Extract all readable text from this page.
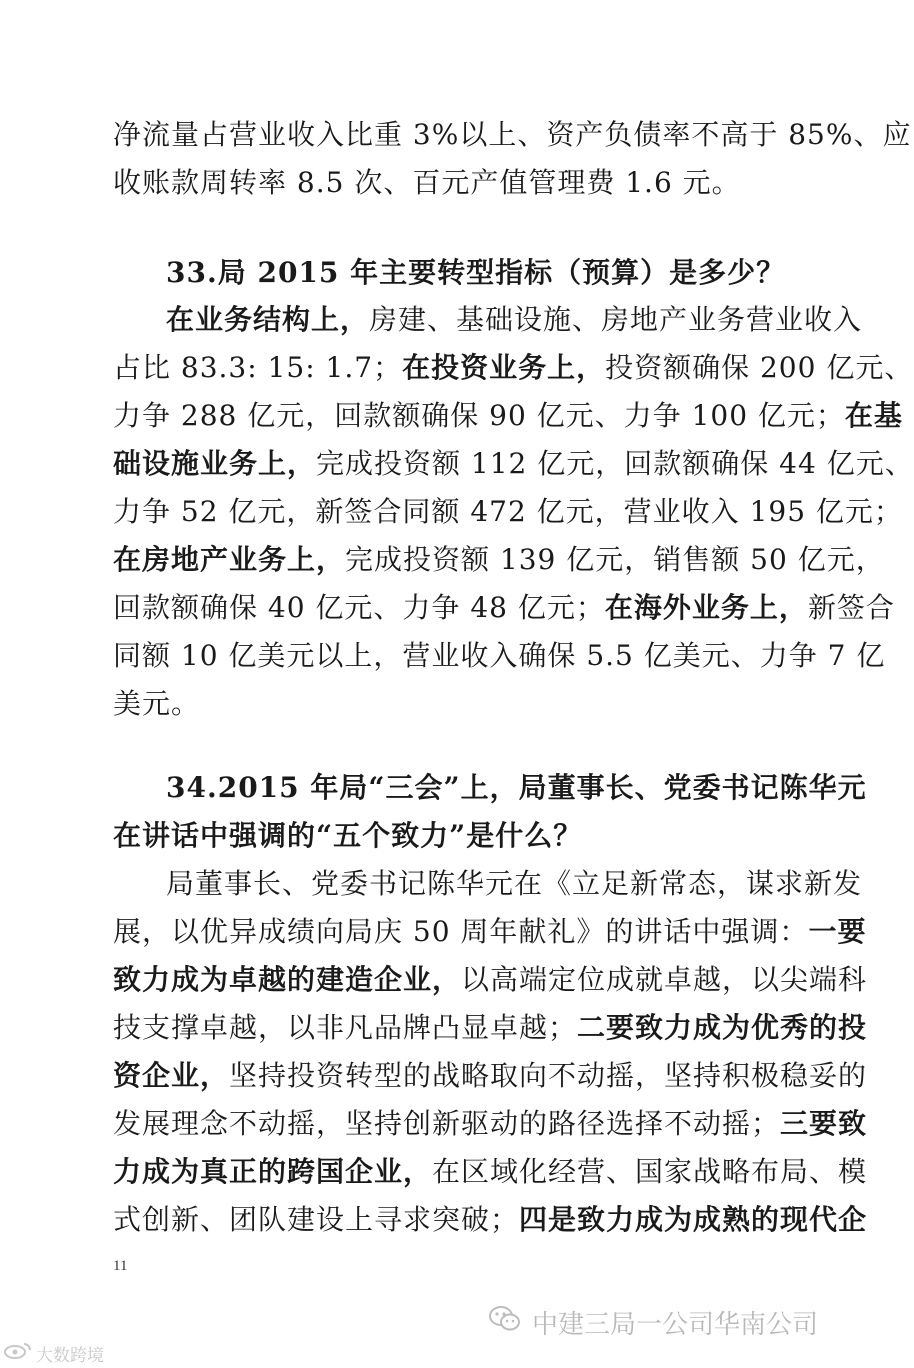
净流量占营业收入比重 3%以上、资产负债率不高于 85%、应
收账款周转率 8.5 次、百元产值管理费 1.6 元。
33.局 2015 年主要转型指标（预算）是多少？
在业务结构上，房建、基础设施、房地产业务营业收入
占比 83.3: 15: 1.7；在投资业务上，投资额确保 200 亿元、
力争 288 亿元，回款额确保 90 亿元、力争 100 亿元；在基
础设施业务上，完成投资额 112 亿元，回款额确保 44 亿元、
力争 52 亿元，新签合同额 472 亿元，营业收入 195 亿元；
在房地产业务上，完成投资额 139 亿元，销售额 50 亿元，
回款额确保 40 亿元、力争 48 亿元；在海外业务上，新签合
同额 10 亿美元以上，营业收入确保 5.5 亿美元、力争 7 亿
美元。
34.2015 年局“三会”上，局董事长、党委书记陈华元
在讲话中强调的“五个致力”是什么？
局董事长、党委书记陈华元在《立足新常态，谋求新发
展，以优异成绩向局庆 50 周年献礼》的讲话中强调：一要
致力成为卓越的建造企业，以高端定位成就卓越，以尖端科
技支撑卓越，以非凡品牌凸显卓越；二要致力成为优秀的投
资企业，坚持投资转型的战略取向不动摇，坚持积极稳妥的
发展理念不动摇，坚持创新驱动的路径选择不动摇；三要致
力成为真正的跨国企业，在区域化经营、国家战略布局、模
式创新、团队建设上寻求突破；四是致力成为成熟的现代企
11
中建三局一公司华南公司
大数跨境
